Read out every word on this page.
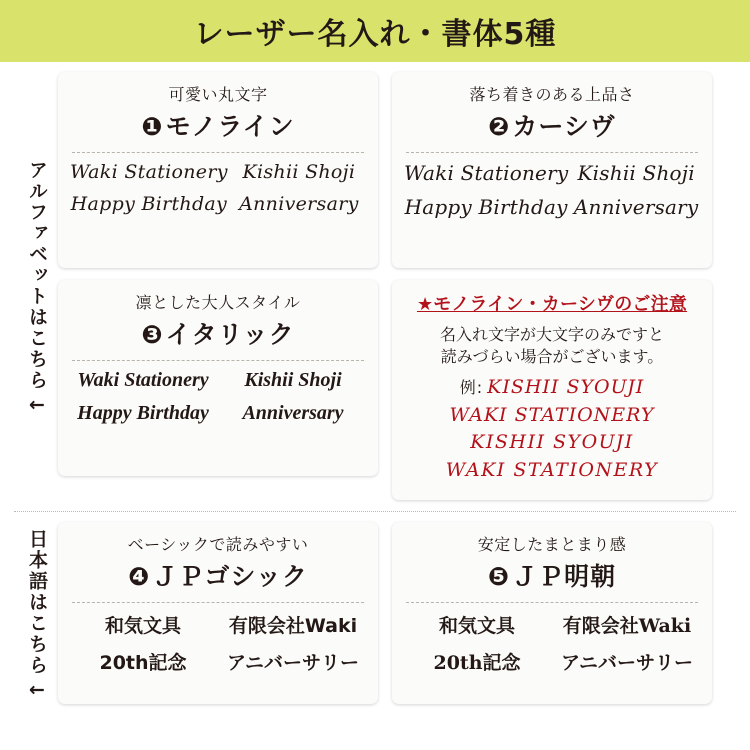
レーザー名入れ・書体5種
アルファベットはこちら→
可愛い丸文字
❶モノライン
Waki Stationery Kishii Shoji
Happy Birthday Anniversary
落ち着きのある上品さ
❷カーシヴ
Waki Stationery Kishii Shoji
Happy Birthday Anniversary
凛とした大人スタイル
❸イタリック
Waki Stationery Kishii Shoji
Happy Birthday Anniversary
★モノライン・カーシヴのご注意
名入れ文字が大文字のみですと
読みづらい場合がございます。
例: KISHII SYOUJI
WAKI STATIONERY
KISHII SYOUJI
WAKI STATIONERY
日本語はこちら→
ベーシックで読みやすい
❹ＪＰゴシック
和気文具	有限会社Waki
20th記念 アニバーサリー
安定したまとまり感
❺ＪＰ明朝
和気文具	有限会社Waki
20th記念 アニバーサリー
